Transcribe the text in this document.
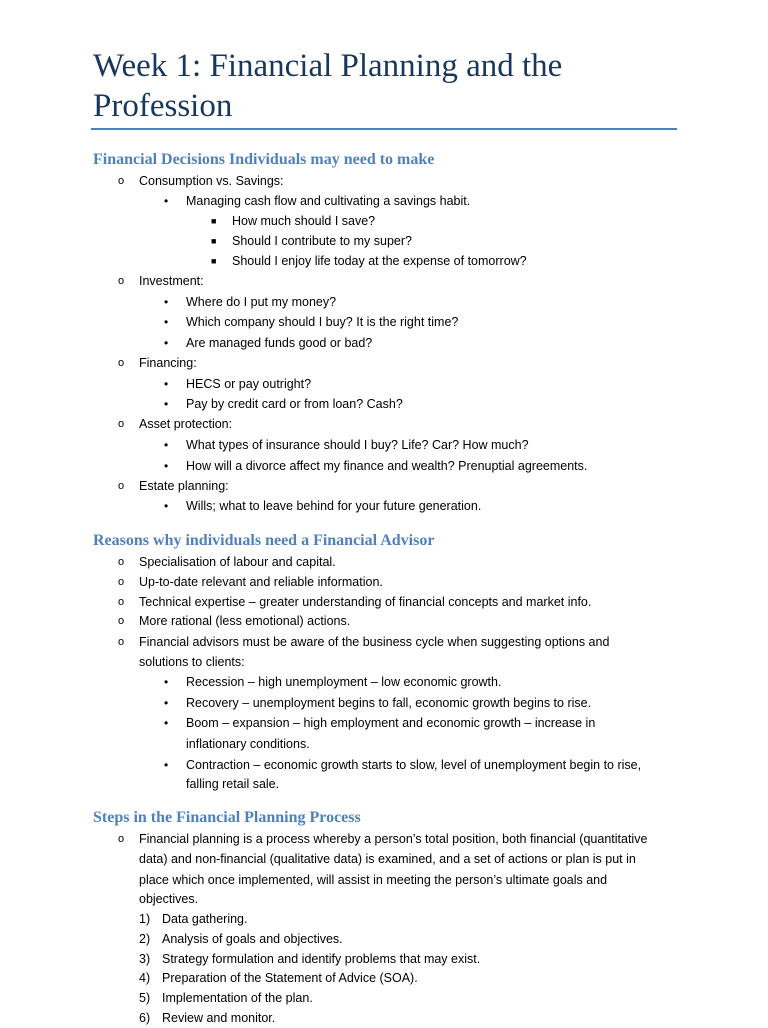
Week 1: Financial Planning and the
Profession
Financial Decisions Individuals may need to make
o	Consumption vs. Savings:
•	Managing cash flow and cultivating a savings habit.
■	How much should I save?
■	Should I contribute to my super?
■	Should I enjoy life today at the expense of tomorrow?
o	Investment:
•	Where do I put my money?
•	Which company should I buy? It is the right time?
•	Are managed funds good or bad?
o	Financing:
•	HECS or pay outright?
•	Pay by credit card or from loan? Cash?
o	Asset protection:
•	What types of insurance should I buy? Life? Car? How much?
•	How will a divorce affect my finance and wealth? Prenuptial agreements.
o	Estate planning:
•	Wills; what to leave behind for your future generation.
Reasons why individuals need a Financial Advisor
o	Specialisation of labour and capital.
o	Up-to-date relevant and reliable information.
o	Technical expertise – greater understanding of financial concepts and market info.
o	More rational (less emotional) actions.
o	Financial advisors must be aware of the business cycle when suggesting options and
solutions to clients:
•	Recession – high unemployment – low economic growth.
•	Recovery – unemployment begins to fall, economic growth begins to rise.
•	Boom – expansion – high employment and economic growth – increase in
inflationary conditions.
•	Contraction – economic growth starts to slow, level of unemployment begin to rise,
falling retail sale.
Steps in the Financial Planning Process
o	Financial planning is a process whereby a person’s total position, both financial (quantitative
data) and non-financial (qualitative data) is examined, and a set of actions or plan is put in
place which once implemented, will assist in meeting the person’s ultimate goals and
objectives.
1) Data gathering.
2) Analysis of goals and objectives.
3) Strategy formulation and identify problems that may exist.
4) Preparation of the Statement of Advice (SOA).
5) Implementation of the plan.
6) Review and monitor.
